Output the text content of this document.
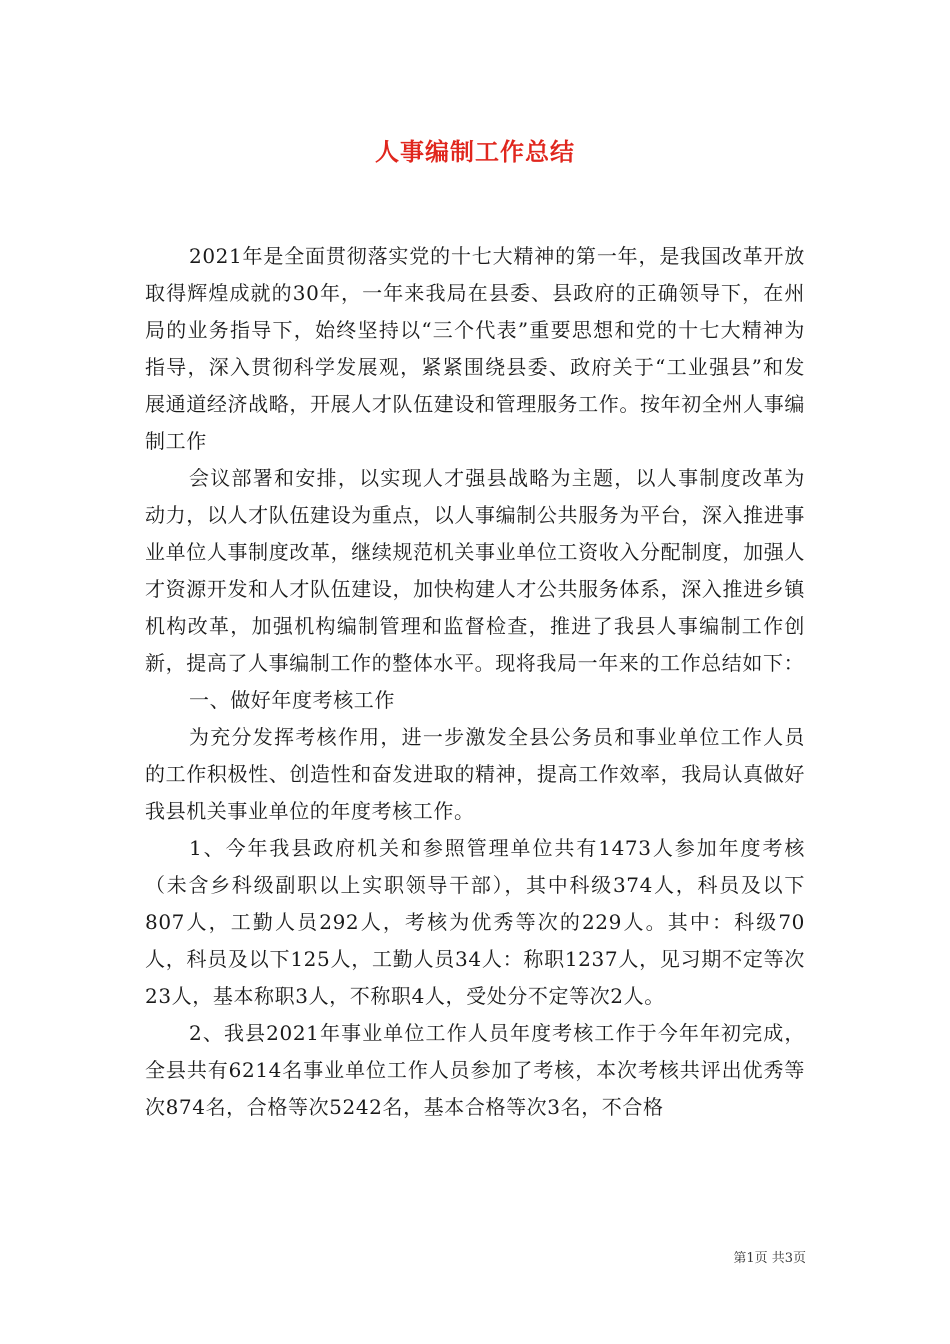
人事编制工作总结

2021年是全面贯彻落实党的十七大精神的第一年，是我国改革开放取得辉煌成就的30年，一年来我局在县委、县政府的正确领导下，在州局的业务指导下，始终坚持以“三个代表”重要思想和党的十七大精神为指导，深入贯彻科学发展观，紧紧围绕县委、政府关于“工业强县”和发展通道经济战略，开展人才队伍建设和管理服务工作。按年初全州人事编制工作

会议部署和安排，以实现人才强县战略为主题，以人事制度改革为动力，以人才队伍建设为重点，以人事编制公共服务为平台，深入推进事业单位人事制度改革，继续规范机关事业单位工资收入分配制度，加强人才资源开发和人才队伍建设，加快构建人才公共服务体系，深入推进乡镇机构改革，加强机构编制管理和监督检查，推进了我县人事编制工作创新，提高了人事编制工作的整体水平。现将我局一年来的工作总结如下：

一、做好年度考核工作

为充分发挥考核作用，进一步激发全县公务员和事业单位工作人员的工作积极性、创造性和奋发进取的精神，提高工作效率，我局认真做好我县机关事业单位的年度考核工作。

1、今年我县政府机关和参照管理单位共有1473人参加年度考核（未含乡科级副职以上实职领导干部），其中科级374人，科员及以下807人，工勤人员292人，考核为优秀等次的229人。其中：科级70人，科员及以下125人，工勤人员34人：称职1237人，见习期不定等次23人，基本称职3人，不称职4人，受处分不定等次2人。

2、我县2021年事业单位工作人员年度考核工作于今年年初完成，全县共有6214名事业单位工作人员参加了考核，本次考核共评出优秀等次874名，合格等次5242名，基本合格等次3名，不合格

第1页 共3页
